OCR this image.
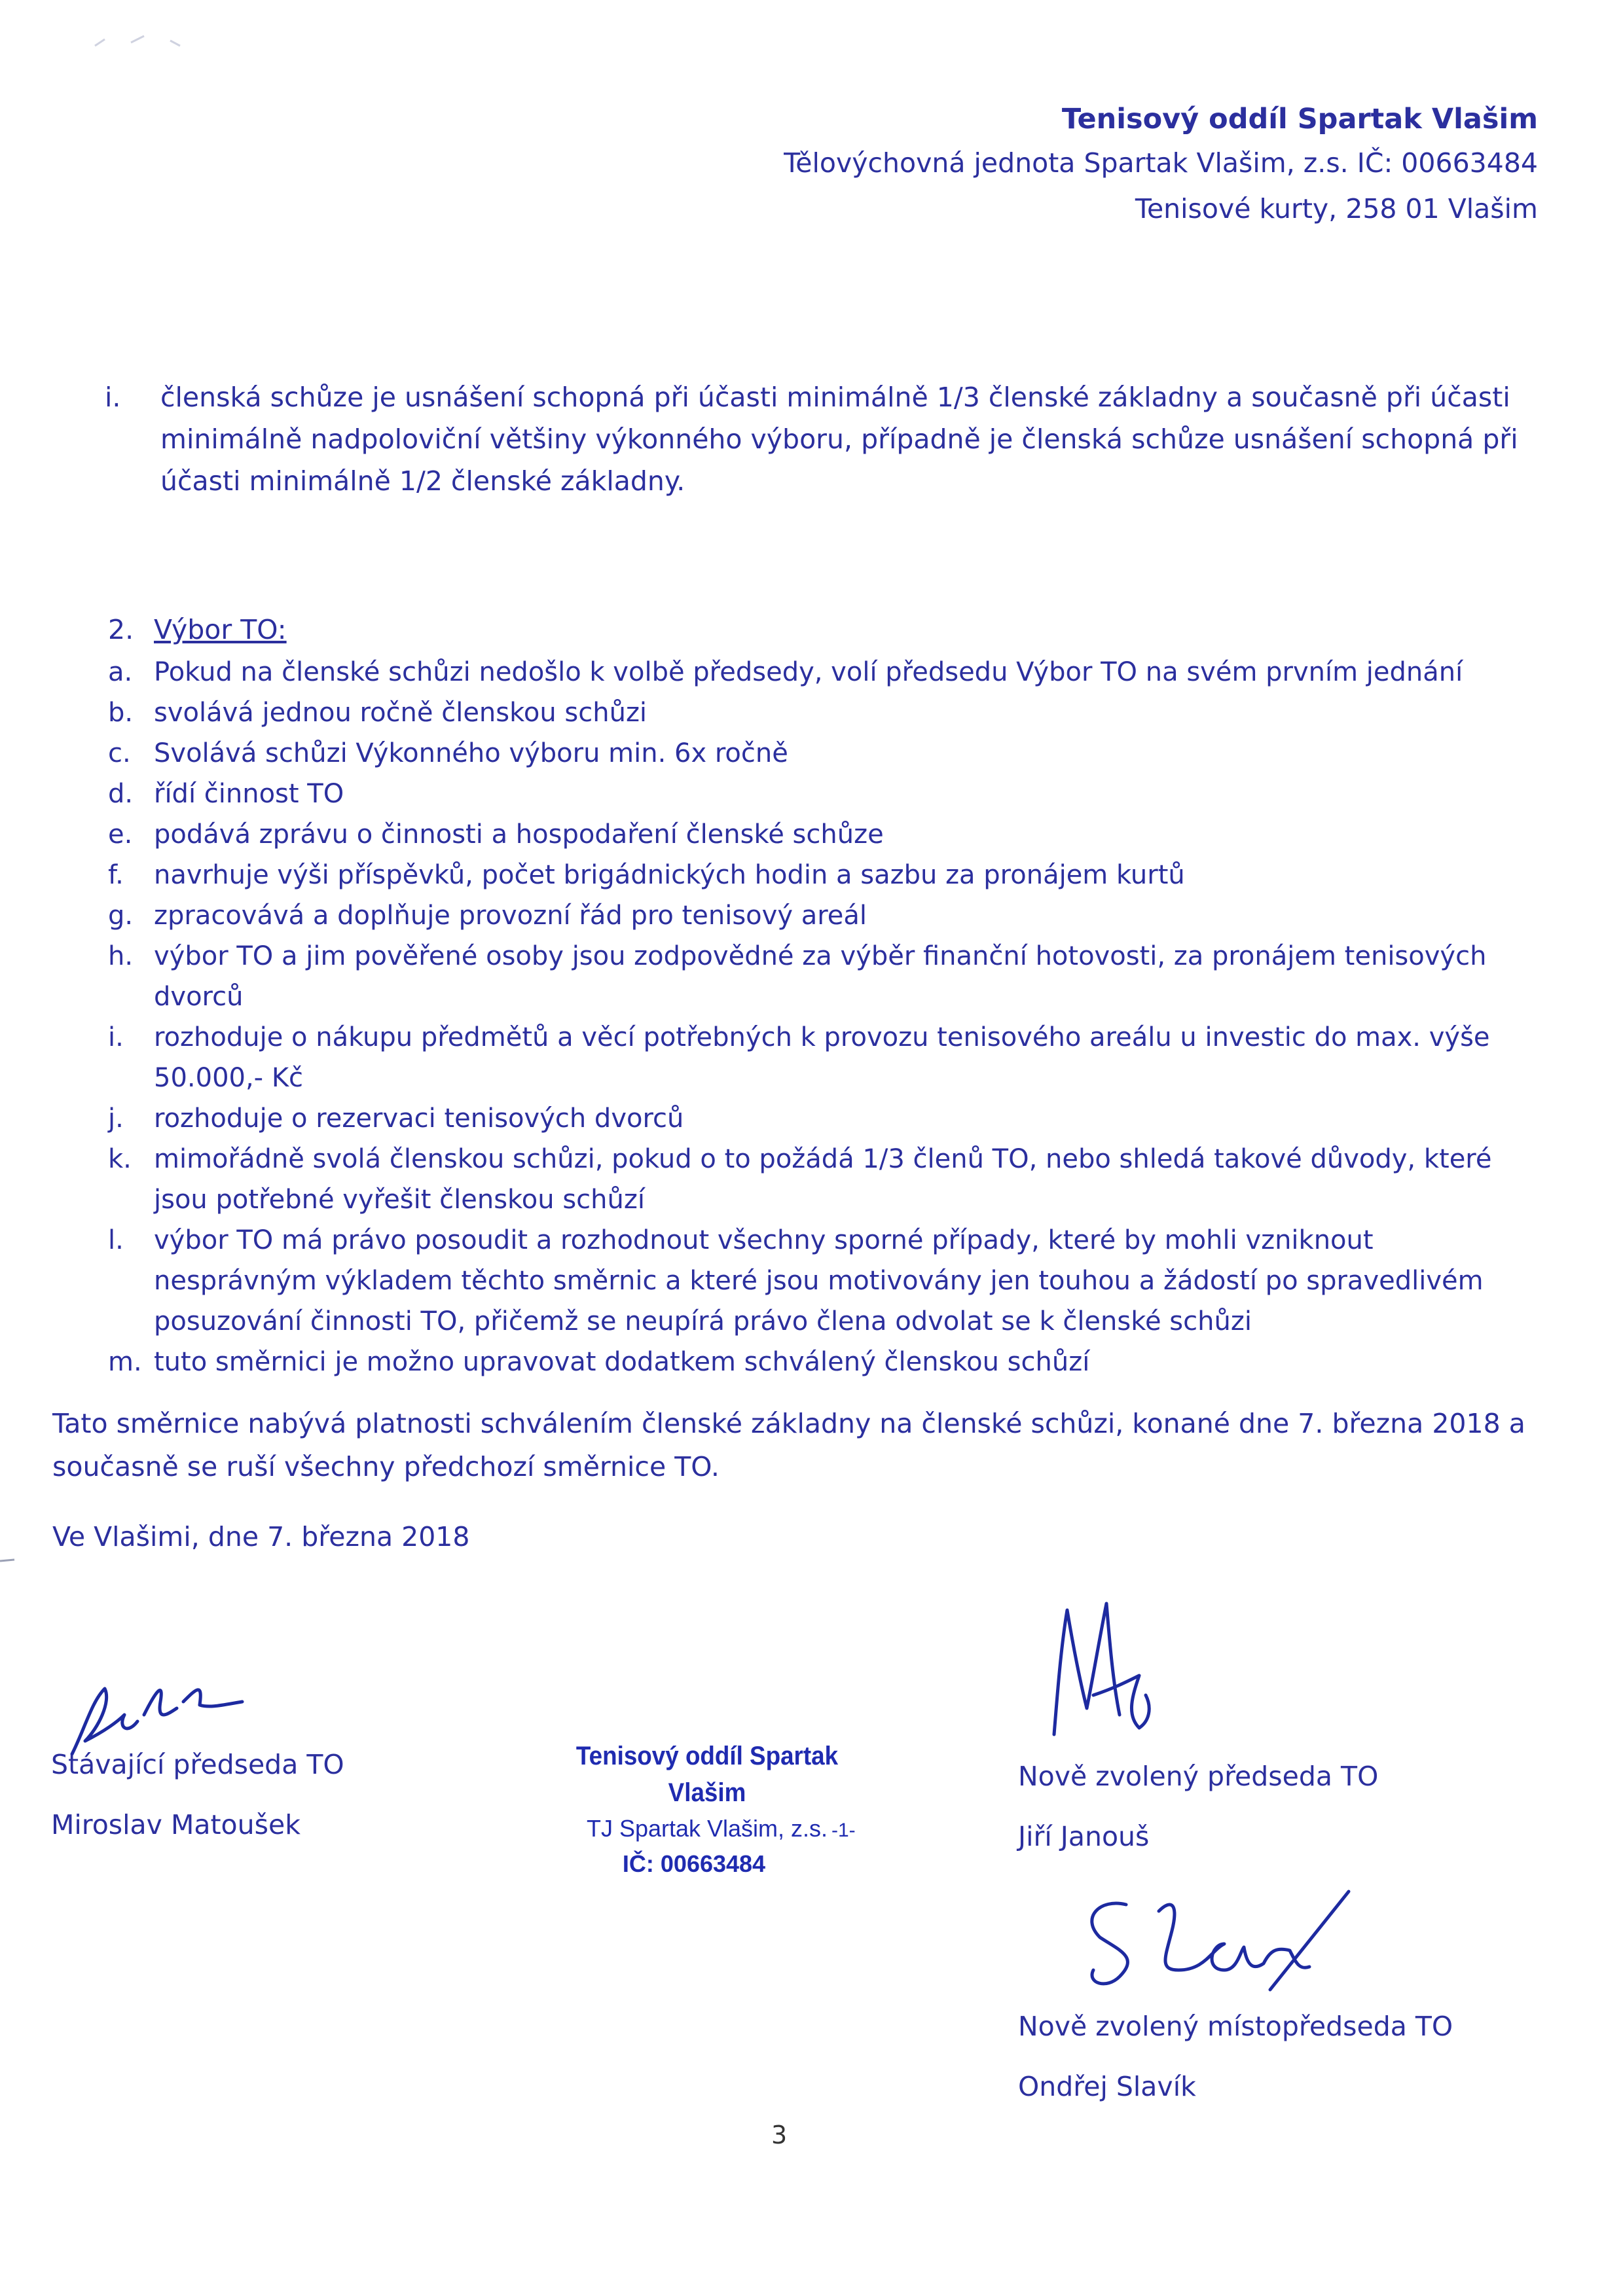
Tenisový oddíl Spartak Vlašim
Tělovýchovná jednota Spartak Vlašim, z.s. IČ: 00663484
Tenisové kurty, 258 01 Vlašim
i. členská schůze je usnášení schopná při účasti minimálně 1/3 členské základny a současně při účasti minimálně nadpoloviční většiny výkonného výboru, případně je členská schůze usnášení schopná při účasti minimálně 1/2 členské základny.
2. Výbor TO:
a. Pokud na členské schůzi nedošlo k volbě předsedy, volí předsedu Výbor TO na svém prvním jednání
b. svolává jednou ročně členskou schůzi
c. Svolává schůzi Výkonného výboru min. 6x ročně
d. řídí činnost TO
e. podává zprávu o činnosti a hospodaření členské schůze
f. navrhuje výši příspěvků, počet brigádnických hodin a sazbu za pronájem kurtů
g. zpracovává a doplňuje provozní řád pro tenisový areál
h. výbor TO a jim pověřené osoby jsou zodpovědné za výběr finanční hotovosti, za pronájem tenisových dvorců
i. rozhoduje o nákupu předmětů a věcí potřebných k provozu tenisového areálu u investic do max. výše 50.000,- Kč
j. rozhoduje o rezervaci tenisových dvorců
k. mimořádně svolá členskou schůzi, pokud o to požádá 1/3 členů TO, nebo shledá takové důvody, které jsou potřebné vyřešit členskou schůzí
l. výbor TO má právo posoudit a rozhodnout všechny sporné případy, které by mohli vzniknout nesprávným výkladem těchto směrnic a které jsou motivovány jen touhou a žádostí po spravedlivém posuzování činnosti TO, přičemž se neupírá právo člena odvolat se k členské schůzi
m. tuto směrnici je možno upravovat dodatkem schválený členskou schůzí
Tato směrnice nabývá platnosti schválením členské základny na členské schůzi, konané dne 7. března 2018 a současně se ruší všechny předchozí směrnice TO.
Ve Vlašimi, dne 7. března 2018
Stávající předseda TO
Miroslav Matoušek
Nově zvolený předseda TO
Jiří Janouš
Nově zvolený místopředseda TO
Ondřej Slavík
Tenisový oddíl Spartak Vlašim
TJ Spartak Vlašim, z.s.
IČ: 00663484
-1-
3
